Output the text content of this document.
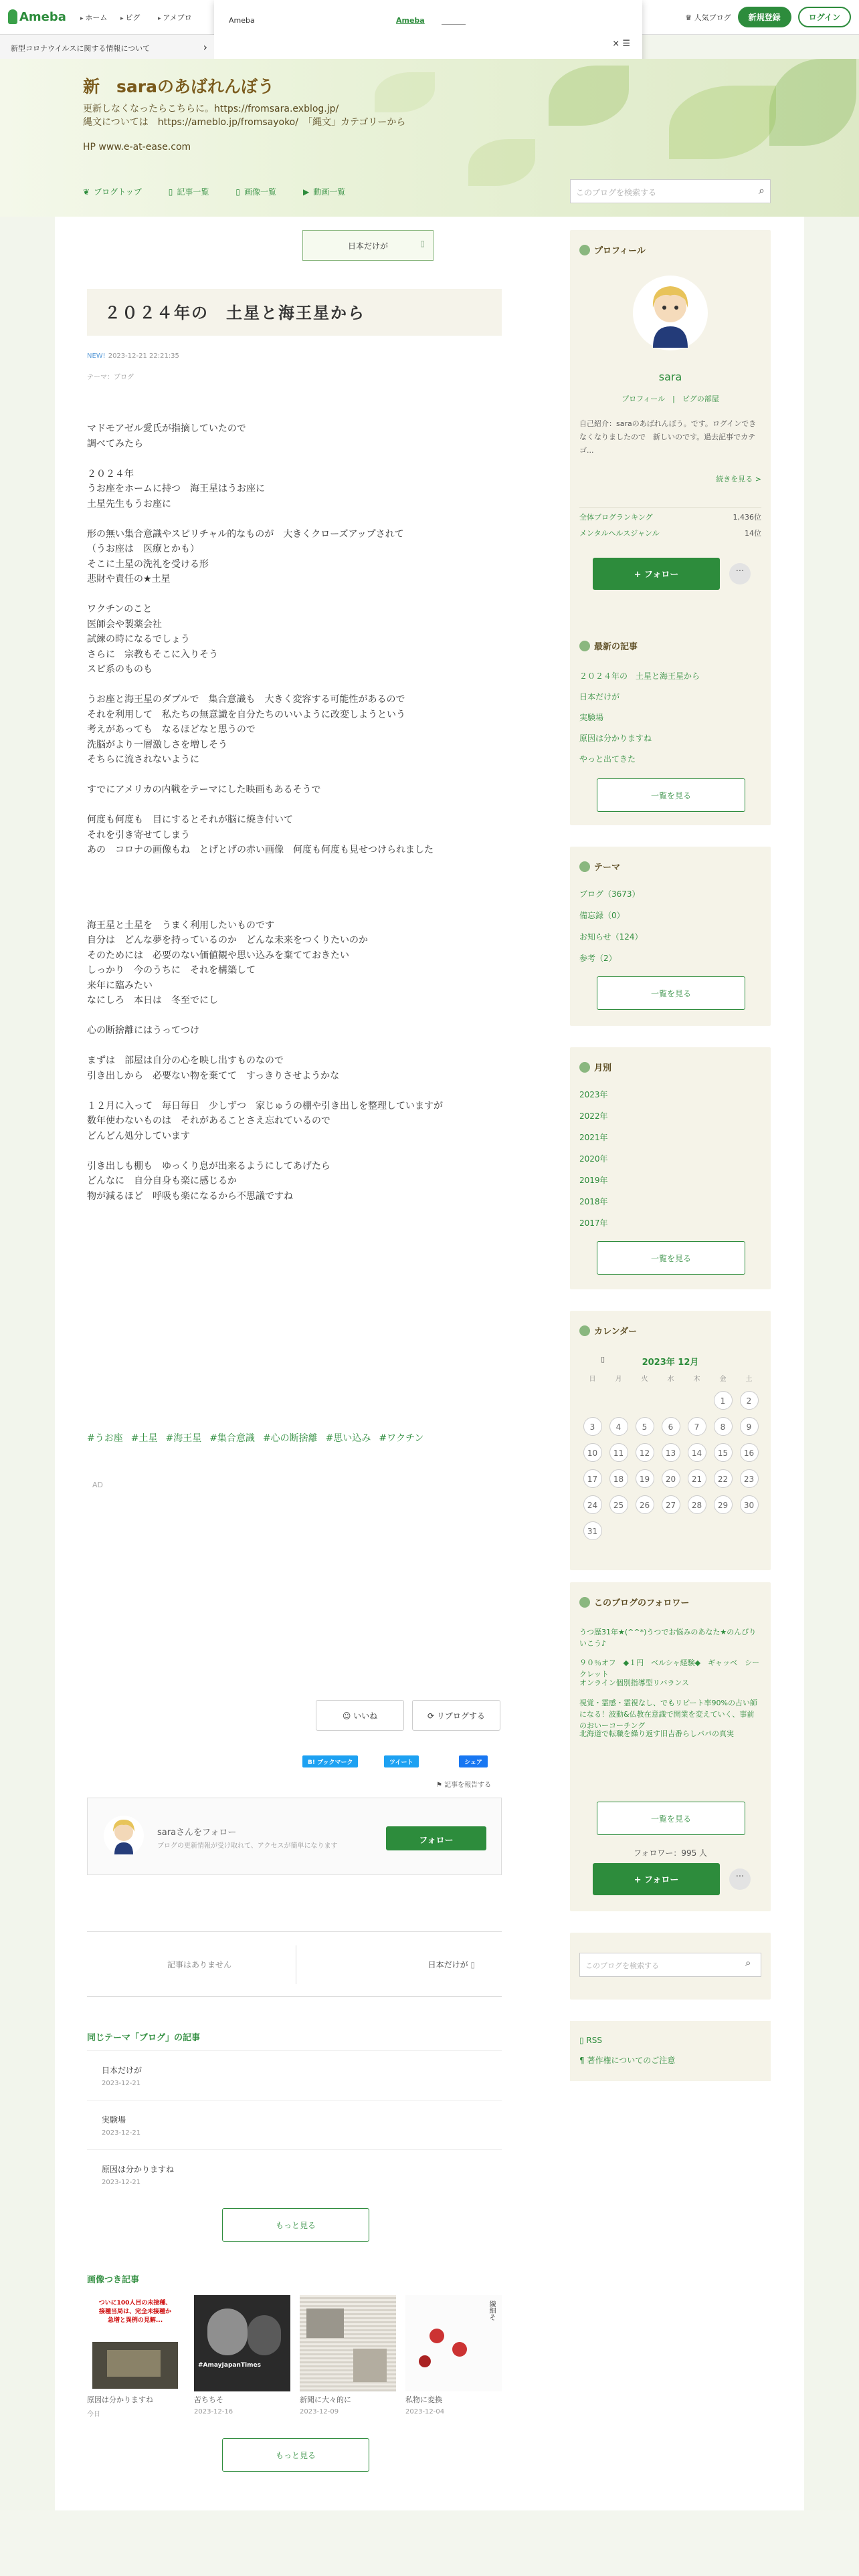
Ameba	▸ ホーム	▸ ピグ	▸ アメブロ	♛ 人気ブログ	新規登録	ログイン
Ameba	Ameba
× ☰
新型コロナウイルスに関する情報について ›
新　saraのあばれんぼう
更新しなくなったらこちらに。https://fromsara.exblog.jp/
縄文については　https://ameblo.jp/fromsayoko/　「縄文」カテゴリーから
HP www.e-at-ease.com
❦ ブログトップ	▯ 記事一覧	▯ 画像一覧	▶ 動画一覧	このブログを検索する ⌕
日本だけが ▯
２０２４年の　土星と海王星から
NEW! 2023-12-21 22:21:35
テーマ：ブログ

マドモアゼル愛氏が指摘していたので
調べてみたら

２０２４年
うお座をホームに持つ　海王星はうお座に
土星先生もうお座に

形の無い集合意識やスピリチャル的なものが　大きくクローズアップされて
（うお座は　医療とかも）
そこに土星の洗礼を受ける形
悲財や責任の★土星

ワクチンのこと
医師会や製薬会社
試練の時になるでしょう
さらに　宗教もそこに入りそう
スピ系のものも

うお座と海王星のダブルで　集合意識も　大きく変容する可能性があるので
それを利用して　私たちの無意識を自分たちのいいように改変しようという
考えがあっても　なるほどなと思うので
洗脳がより一層激しさを増しそう
そちらに流されないように

すでにアメリカの内戦をテーマにした映画もあるそうで

何度も何度も　目にするとそれが脳に焼き付いて
それを引き寄せてしまう
あの　コロナの画像もね　とげとげの赤い画像　何度も何度も見せつけられました

海王星と土星を　うまく利用したいものです
自分は　どんな夢を持っているのか　どんな未来をつくりたいのか
そのためには　必要のない価値観や思い込みを棄てておきたい
しっかり　今のうちに　それを構築して
来年に臨みたい
なにしろ　本日は　冬至でにし

心の断捨離にはうってつけ

まずは　部屋は自分の心を映し出すものなので
引き出しから　必要ない物を棄てて　すっきりさせようかな

１２月に入って　毎日毎日　少しずつ　家じゅうの棚や引き出しを整理していますが
数年使わないものは　それがあることさえ忘れているので
どんどん処分しています

引き出しも棚も　ゆっくり息が出来るようにしてあげたら
どんなに　自分自身も楽に感じるか
物が減るほど　呼吸も楽になるから不思議ですね

#うお座 #土星 #海王星 #集合意識 #心の断捨離 #思い込み #ワクチン
AD
☺ いいね	⟳ リブログする
B! ブックマーク	ツイート	シェア
⚑ 記事を報告する
saraさんをフォロー
ブログの更新情報が受け取れて、アクセスが簡単になります
フォロー
記事はありません	日本だけが ▯
同じテーマ「ブログ」の記事
もっと見る
画像つき記事
ついに100人目の未接種、
接種当局は、完全未接種か
急増と異例の見解...
原因は分かりますね
今日
#AmayJapanTimes
苦ちちそ
2023-12-16
新聞に大々的に
2023-12-09
繊細そ
私物に変換
2023-12-04
もっと見る
プロフィール
sara
プロフィール　|　ピグの部屋
自己紹介：saraのあばれんぼう。です。ログインできなくなりましたので　新しいのです。過去記事でカテゴ...
続きを見る >
全体ブログランキング	1,436位
メンタルヘルスジャンル	14位
+ フォロー	···
最新の記事
一覧を見る
２０２４年の　土星と海王星から
日本だけが
実験場
原因は分かりますね
やっと出てきた
テーマ
一覧を見る
ブログ（3673）
備忘録（0）
お知らせ（124）
参考（2）
月別
一覧を見る
2023年
2022年
2021年
2020年
2019年
2018年
2017年
カレンダー
▯	2023年 12月
日	月	火	水	木	金	土
					1	2
3	4	5	6	7	8	9
10	11	12	13	14	15	16
17	18	19	20	21	22	23
24	25	26	27	28	29	30
31						
このブログのフォロワー
一覧を見る
フォロワー：995 人
+ フォロー	···
うつ歴31年★(^^*)うつでお悩みのあなた★のんびりいこう♪
９０％オフ　◆１円　ベルシャ経験◆　ギャッベ　シークレット
オンライン個別指導型リバランス
視覚・霊感・霊視なし、でもリピート率90%の占い師になる！波動&仏教在意識で開業を変えていく、事前のおいーコーチング
北海道で転職を繰り返す旧吉番らしバパの真実
このブログを検索する	⌕
▯ RSS
¶ 著作権についてのご注意
日本だけが
2023-12-21
実験場
2023-12-21
原因は分かりますね
2023-12-21
